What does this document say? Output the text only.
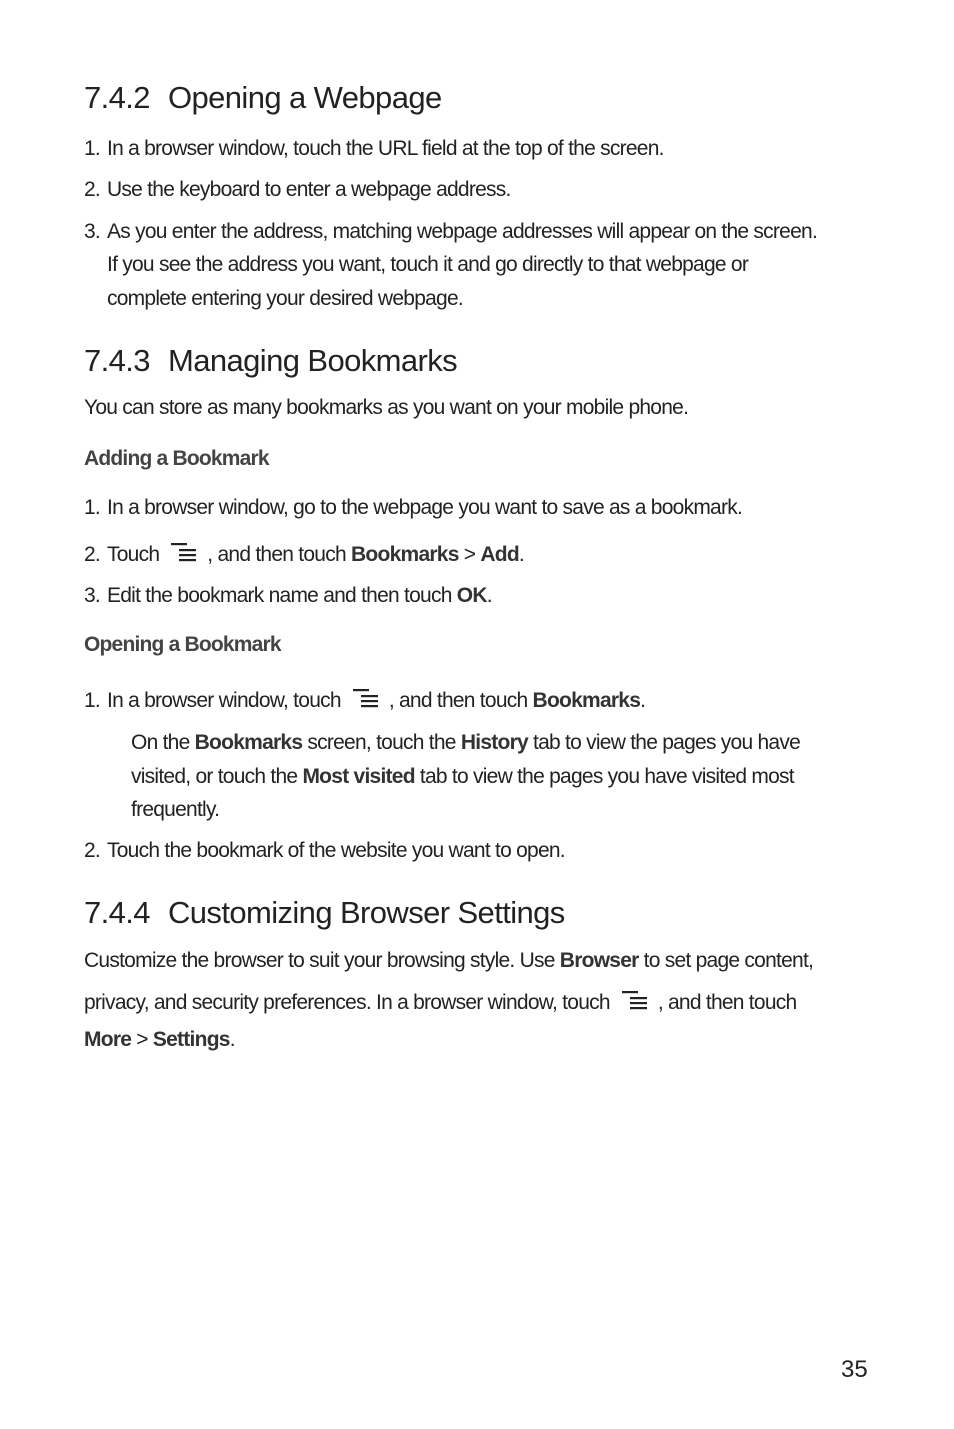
7.4.2 Opening a Webpage
1. In a browser window, touch the URL field at the top of the screen.
2. Use the keyboard to enter a webpage address.
3. As you enter the address, matching webpage addresses will appear on the screen.
If you see the address you want, touch it and go directly to that webpage or
complete entering your desired webpage.
7.4.3 Managing Bookmarks
You can store as many bookmarks as you want on your mobile phone.
Adding a Bookmark
1. In a browser window, go to the webpage you want to save as a bookmark.
2. Touch , and then touch Bookmarks > Add.
3. Edit the bookmark name and then touch OK.
Opening a Bookmark
1. In a browser window, touch , and then touch Bookmarks.
On the Bookmarks screen, touch the History tab to view the pages you have
visited, or touch the Most visited tab to view the pages you have visited most
frequently.
2. Touch the bookmark of the website you want to open.
7.4.4 Customizing Browser Settings
Customize the browser to suit your browsing style. Use Browser to set page content,
privacy, and security preferences. In a browser window, touch , and then touch
More > Settings.
35
